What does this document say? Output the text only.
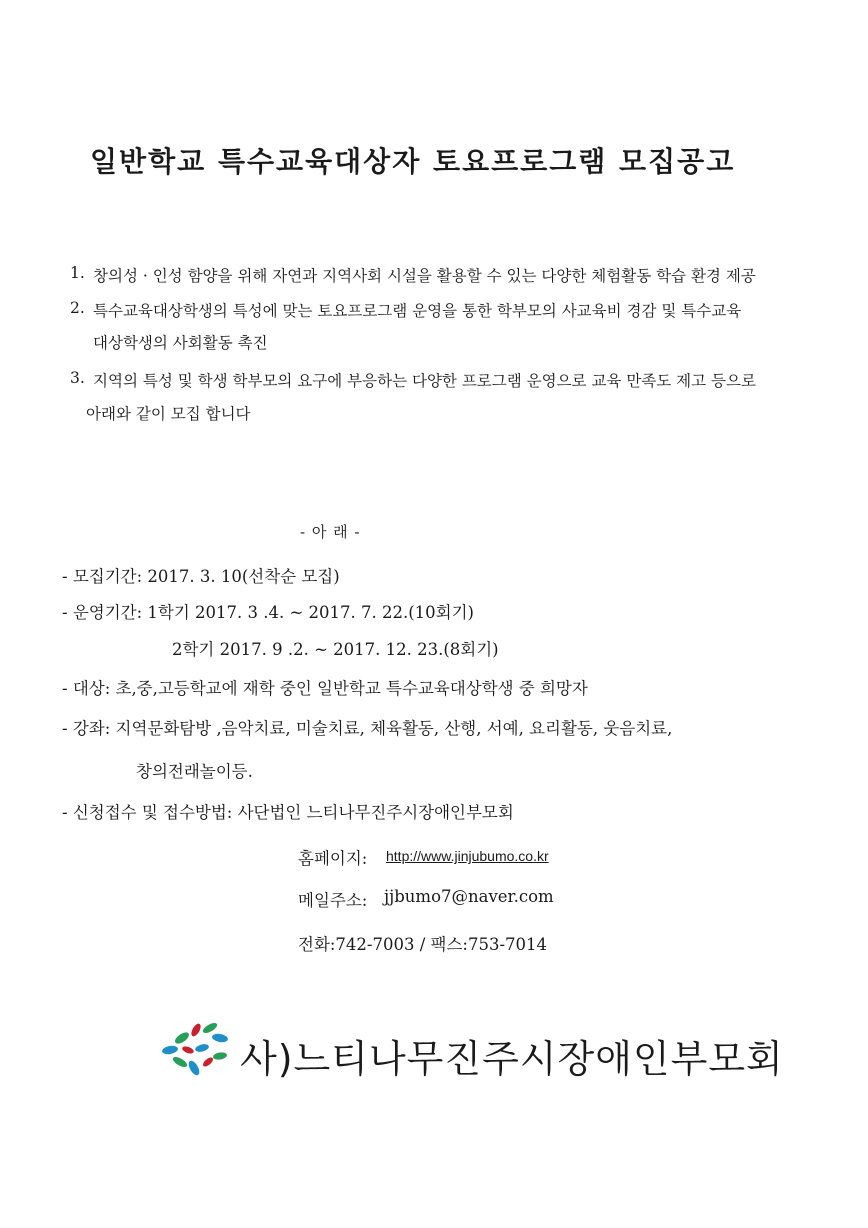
일반학교 특수교육대상자 토요프로그램 모집공고
1. 창의성 · 인성 함양을 위해 자연과 지역사회 시설을 활용할 수 있는 다양한 체험활동 학습 환경 제공
2. 특수교육대상학생의 특성에 맞는 토요프로그램 운영을 통한 학부모의 사교육비 경감 및 특수교육
대상학생의 사회활동 촉진
3. 지역의 특성 및 학생 학부모의 요구에 부응하는 다양한 프로그램 운영으로 교육 만족도 제고 등으로
아래와 같이 모집 합니다
- 아 래 -
- 모집기간: 2017. 3. 10(선착순 모집)
- 운영기간: 1학기 2017. 3 .4. ~ 2017. 7. 22.(10회기)
2학기 2017. 9 .2. ~ 2017. 12. 23.(8회기)
- 대상: 초,중,고등학교에 재학 중인 일반학교 특수교육대상학생 중 희망자
- 강좌: 지역문화탐방 ,음악치료, 미술치료, 체육활동, 산행, 서예, 요리활동, 웃음치료,
창의전래놀이등.
- 신청접수 및 접수방법: 사단법인 느티나무진주시장애인부모회
홈페이지: http://www.jinjubumo.co.kr
메일주소: jjbumo7@naver.com
전화:742-7003 / 팩스:753-7014
사)느티나무진주시장애인부모회
